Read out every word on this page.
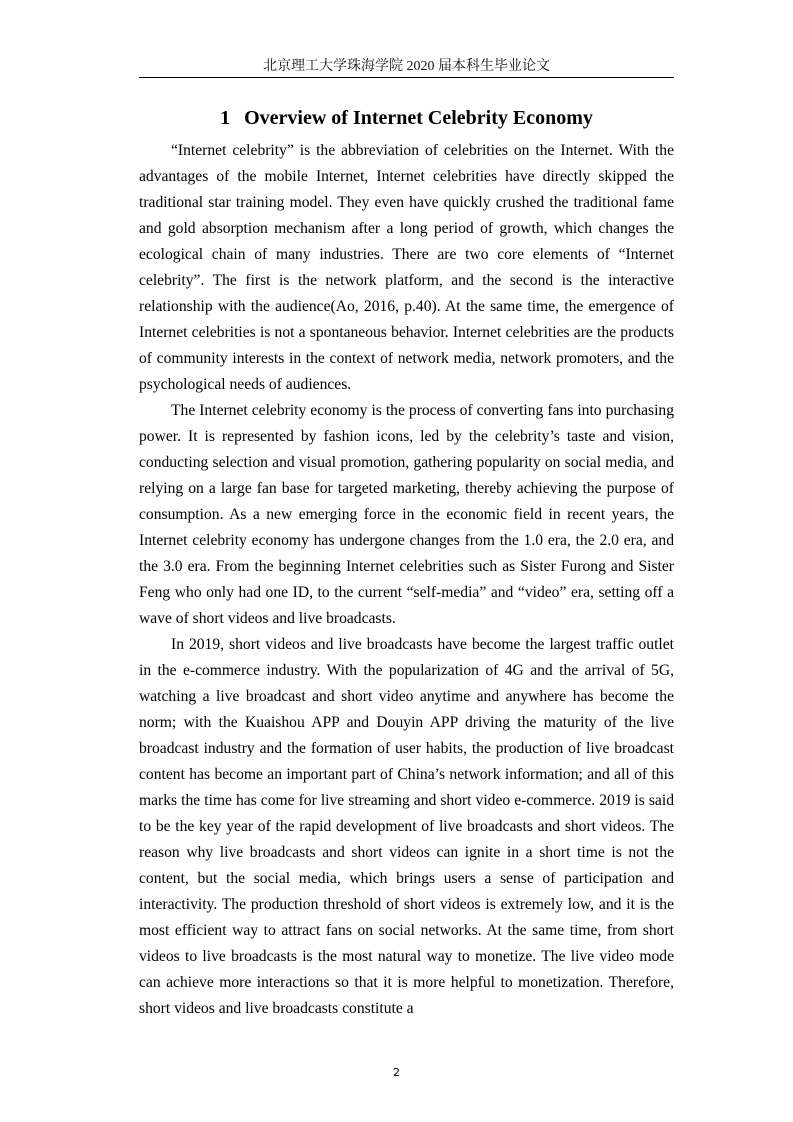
北京理工大学珠海学院 2020 届本科生毕业论文
1 Overview of Internet Celebrity Economy

“Internet celebrity” is the abbreviation of celebrities on the Internet. With the advantages of the mobile Internet, Internet celebrities have directly skipped the traditional star training model. They even have quickly crushed the traditional fame and gold absorption mechanism after a long period of growth, which changes the ecological chain of many industries. There are two core elements of “Internet celebrity”. The first is the network platform, and the second is the interactive relationship with the audience(Ao, 2016, p.40). At the same time, the emergence of Internet celebrities is not a spontaneous behavior. Internet celebrities are the products of community interests in the context of network media, network promoters, and the psychological needs of audiences.

The Internet celebrity economy is the process of converting fans into purchasing power. It is represented by fashion icons, led by the celebrity’s taste and vision, conducting selection and visual promotion, gathering popularity on social media, and relying on a large fan base for targeted marketing, thereby achieving the purpose of consumption. As a new emerging force in the economic field in recent years, the Internet celebrity economy has undergone changes from the 1.0 era, the 2.0 era, and the 3.0 era. From the beginning Internet celebrities such as Sister Furong and Sister Feng who only had one ID, to the current “self-media” and “video” era, setting off a wave of short videos and live broadcasts.

In 2019, short videos and live broadcasts have become the largest traffic outlet in the e-commerce industry. With the popularization of 4G and the arrival of 5G, watching a live broadcast and short video anytime and anywhere has become the norm; with the Kuaishou APP and Douyin APP driving the maturity of the live broadcast industry and the formation of user habits, the production of live broadcast content has become an important part of China’s network information; and all of this marks the time has come for live streaming and short video e-commerce. 2019 is said to be the key year of the rapid development of live broadcasts and short videos. The reason why live broadcasts and short videos can ignite in a short time is not the content, but the social media, which brings users a sense of participation and interactivity. The production threshold of short videos is extremely low, and it is the most efficient way to attract fans on social networks. At the same time, from short videos to live broadcasts is the most natural way to monetize. The live video mode can achieve more interactions so that it is more helpful to monetization. Therefore, short videos and live broadcasts constitute a

2
